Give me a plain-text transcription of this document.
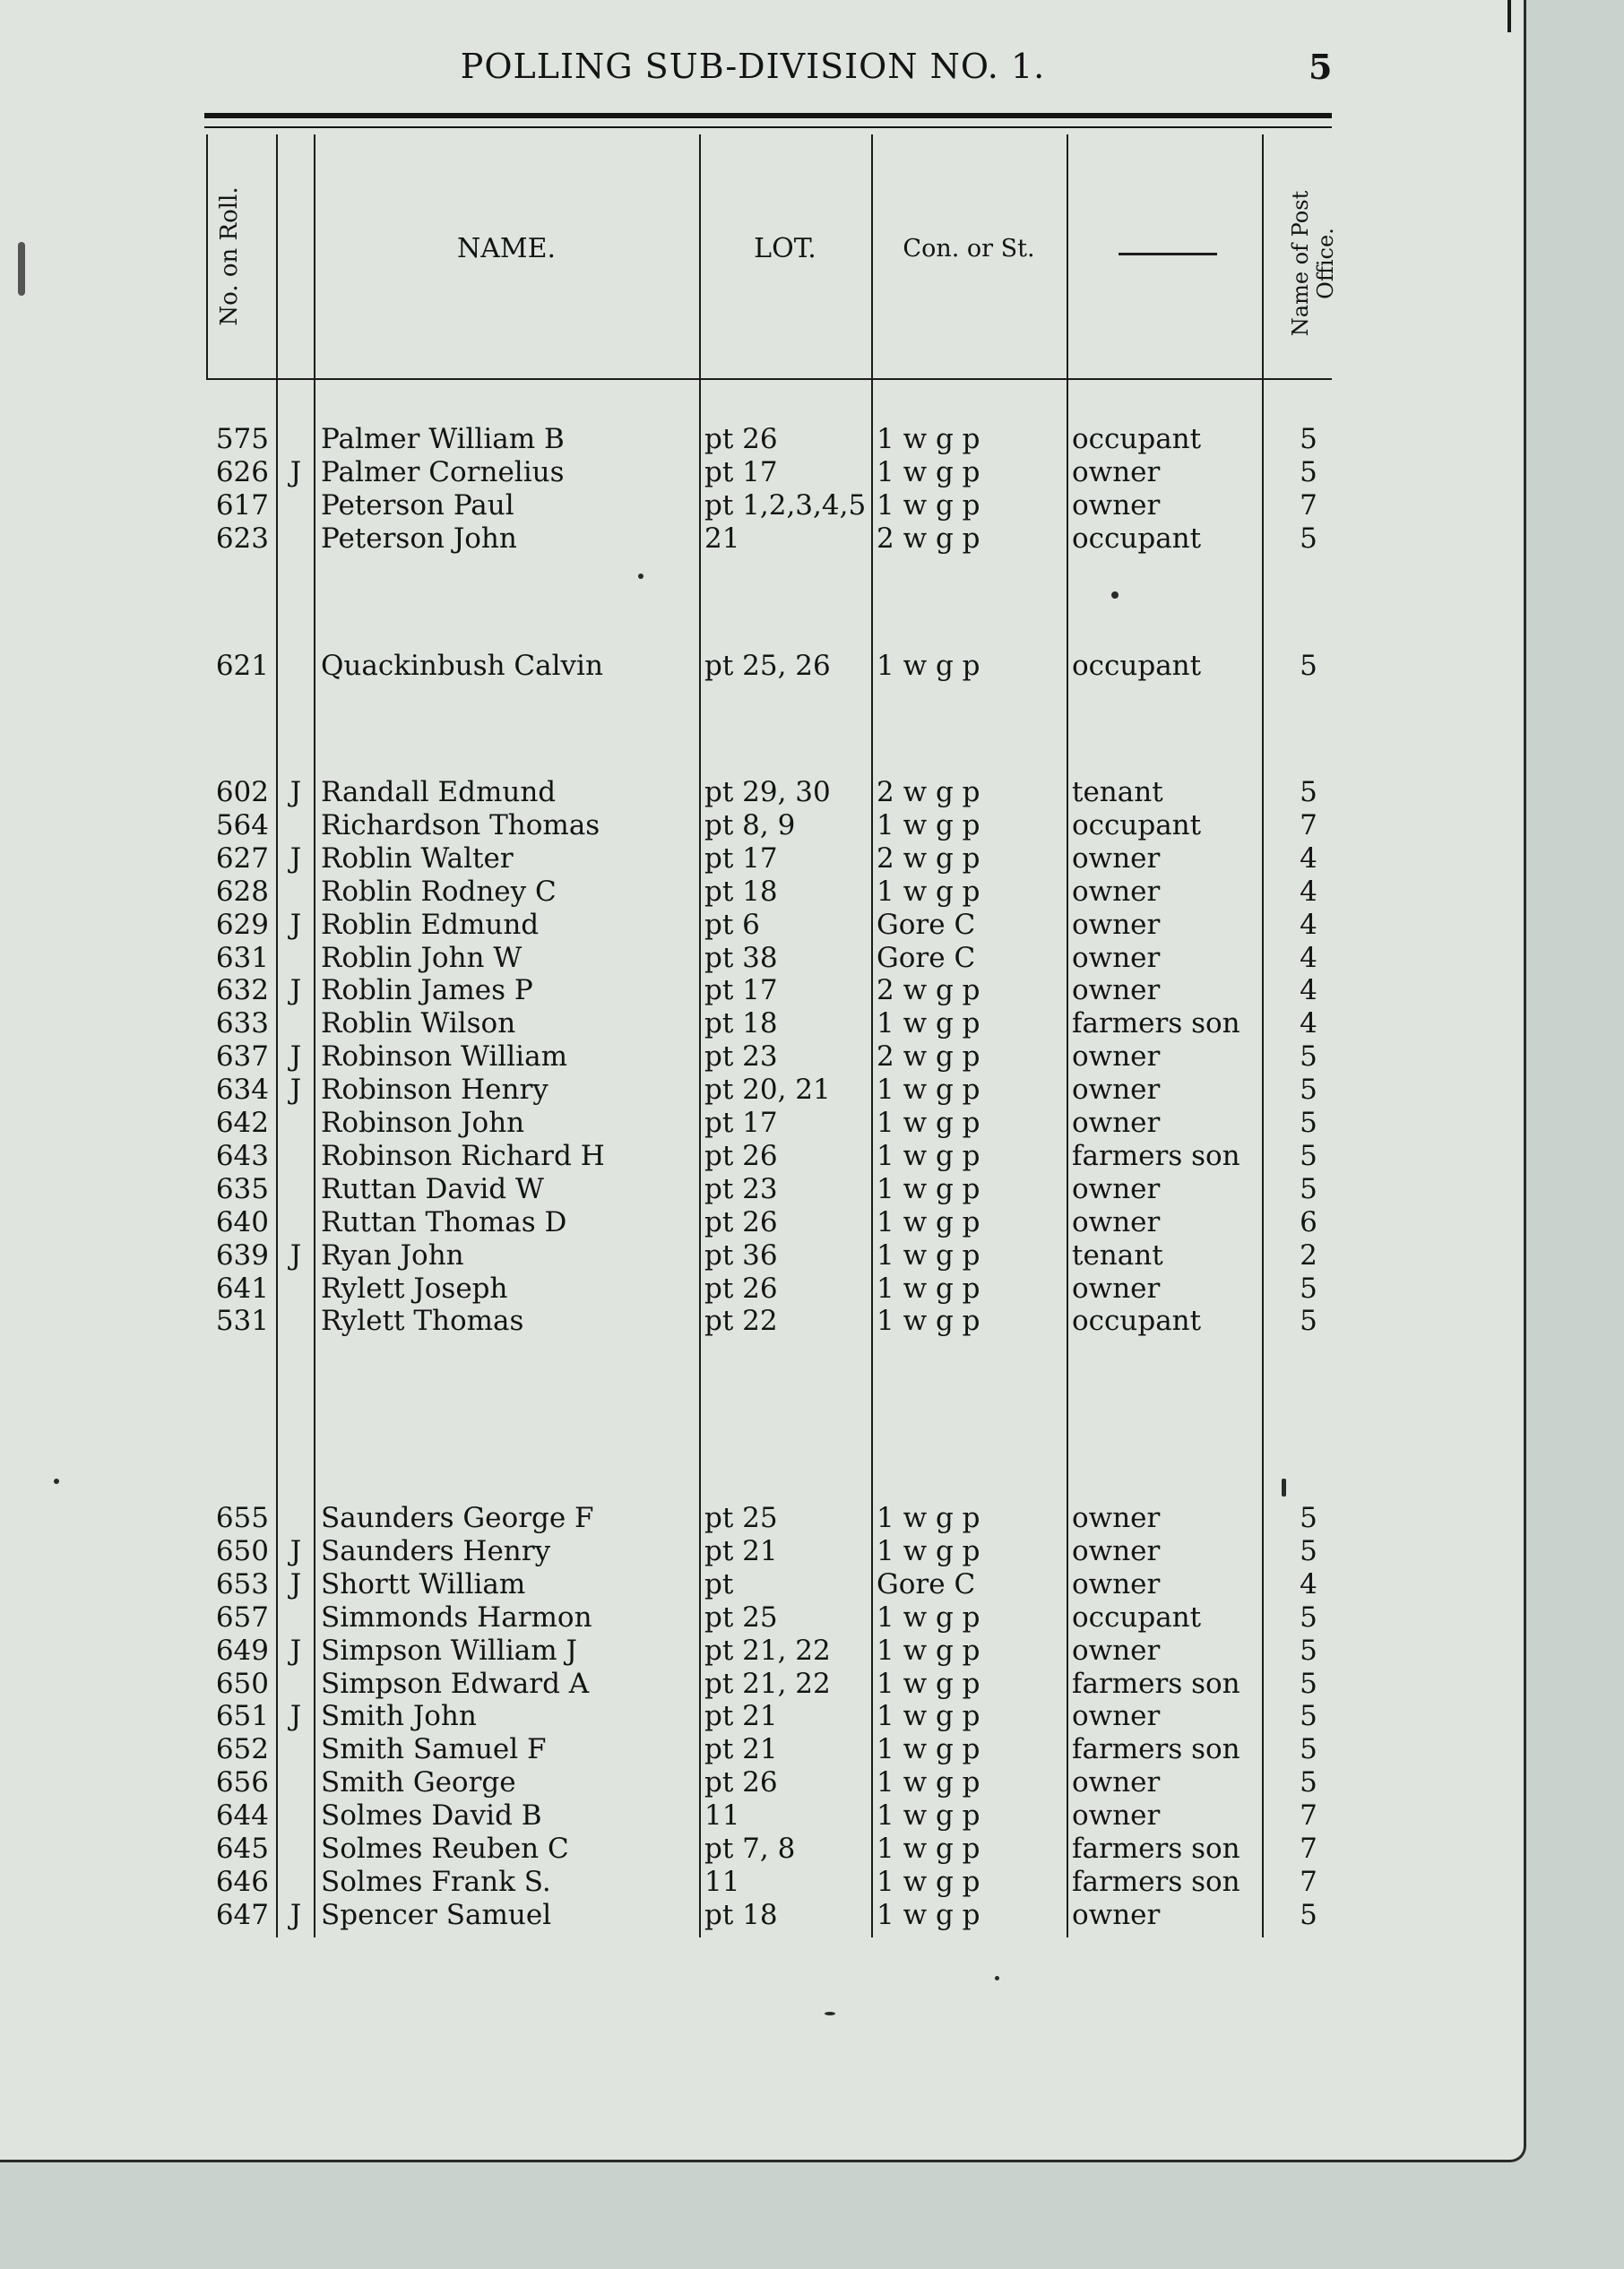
POLLING SUB-DIVISION NO. 1.	5
No. on Roll.	NAME.	LOT.	Con. or St.	Name of Post Office.
575 Palmer William B	pt 26	1 w g p	occupant	5
626 J Palmer Cornelius	pt 17	1 w g p	owner	5
617 Peterson Paul	pt 1,2,3,4,5 1 w g p	owner	7
623 Peterson John	21	2 w g p	occupant	5
621 Quackinbush Calvin	pt 25, 26 1 w g p	occupant	5
602 J Randall Edmund	pt 29, 30 2 w g p	tenant	5
564 Richardson Thomas	pt 8, 9	1 w g p	occupant	7
627 J Roblin Walter	pt 17	2 w g p	owner	4
628 Roblin Rodney C	pt 18	1 w g p	owner	4
629 J Roblin Edmund	pt 6	Gore C	owner	4
631 Roblin John W	pt 38	Gore C	owner	4
632 J Roblin James P	pt 17	2 w g p	owner	4
633 Roblin Wilson	pt 18	1 w g p	farmers son	4
637 J Robinson William	pt 23	2 w g p	owner	5
634 J Robinson Henry	pt 20, 21 1 w g p	owner	5
642 Robinson John	pt 17	1 w g p	owner	5
643 Robinson Richard H	pt 26	1 w g p	farmers son	5
635 Ruttan David W	pt 23	1 w g p	owner	5
640 Ruttan Thomas D	pt 26	1 w g p	owner	6
639 J Ryan John	pt 36	1 w g p	tenant	2
641 Rylett Joseph	pt 26	1 w g p	owner	5
531 Rylett Thomas	pt 22	1 w g p	occupant	5
655 Saunders George F	pt 25	1 w g p	owner	5
650 J Saunders Henry	pt 21	1 w g p	owner	5
653 J Shortt William	pt	Gore C	owner	4
657 Simmonds Harmon	pt 25	1 w g p	occupant	5
649 J Simpson William J	pt 21, 22 1 w g p	owner	5
650 Simpson Edward A	pt 21, 22 1 w g p	farmers son	5
651 J Smith John	pt 21	1 w g p	owner	5
652 Smith Samuel F	pt 21	1 w g p	farmers son	5
656 Smith George	pt 26	1 w g p	owner	5
644 Solmes David B	11	1 w g p	owner	7
645 Solmes Reuben C	pt 7, 8	1 w g p	farmers son	7
646 Solmes Frank S.	11	1 w g p	farmers son	7
647 J Spencer Samuel	pt 18	1 w g p	owner	5
